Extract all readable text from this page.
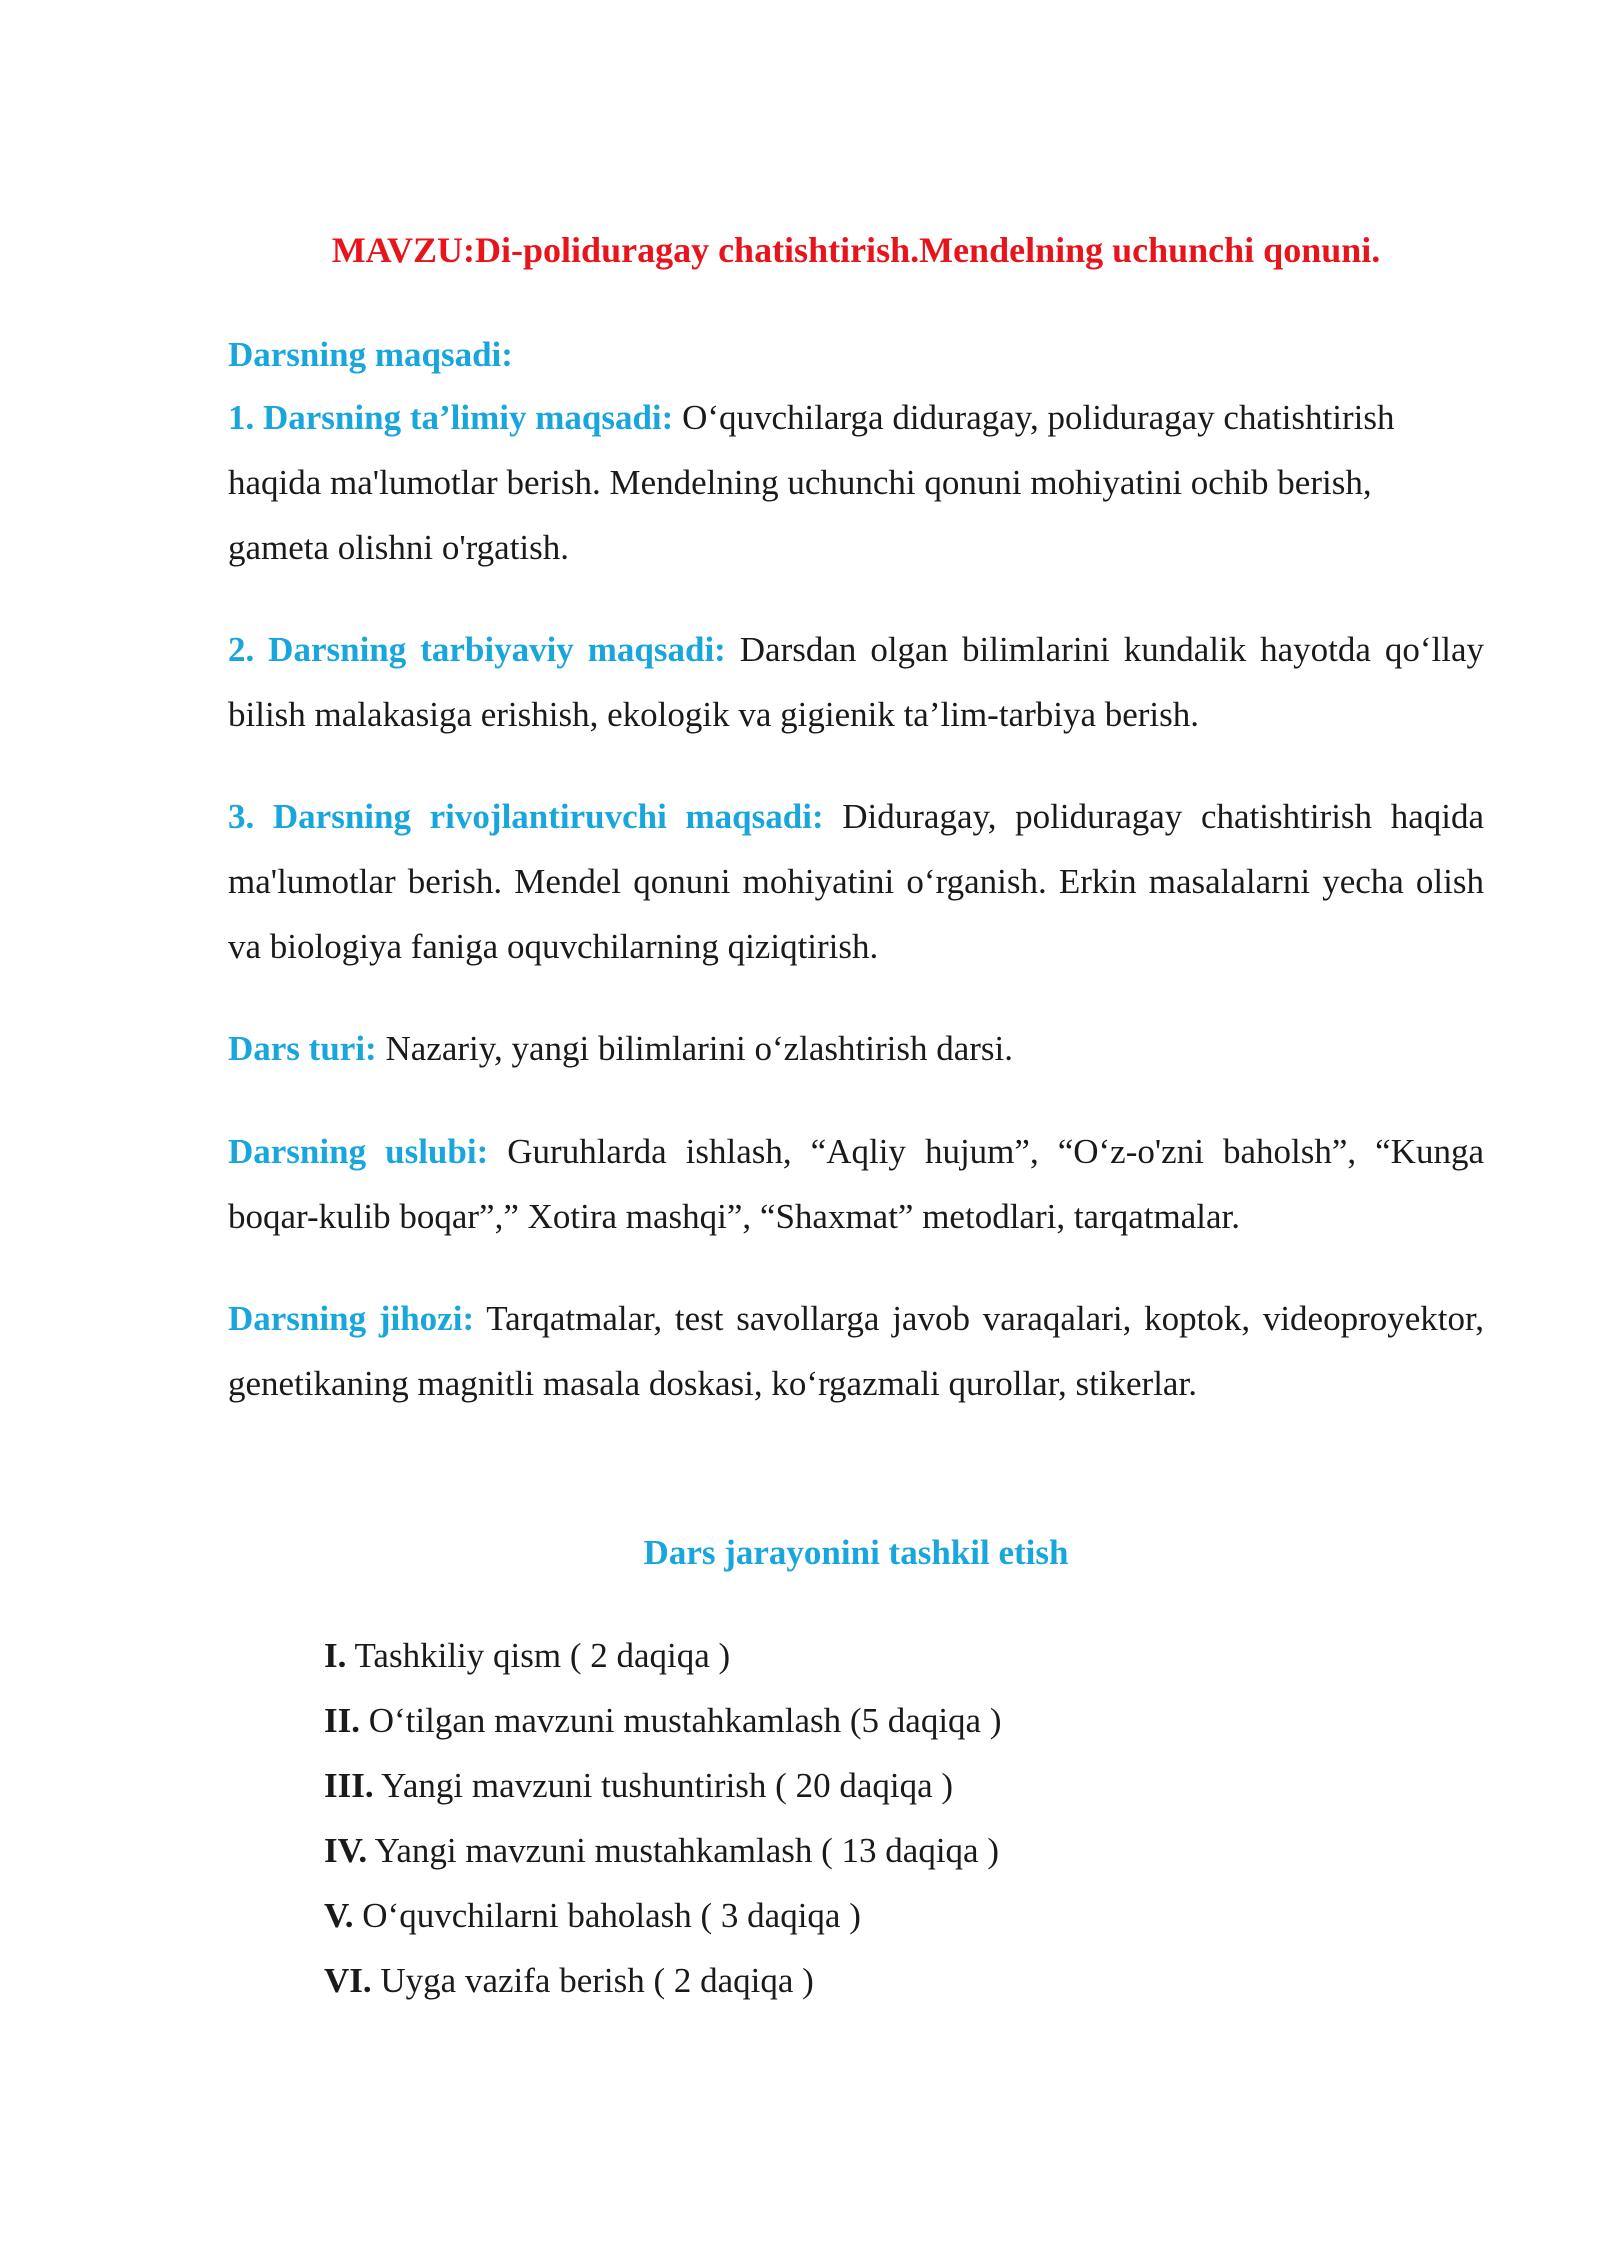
MAVZU:Di-poliduragay chatishtirish.Mendelning uchunchi qonuni.

Darsning maqsadi:

1. Darsning ta’limiy maqsadi: O‘quvchilarga diduragay, poliduragay chatishtirish haqida ma'lumotlar berish. Mendelning uchunchi qonuni mohiyatini ochib berish, gameta olishni o'rgatish.

2. Darsning tarbiyaviy maqsadi: Darsdan olgan bilimlarini kundalik hayotda qo‘llay bilish malakasiga erishish, ekologik va gigienik ta’lim-tarbiya berish.

3. Darsning rivojlantiruvchi maqsadi: Diduragay, poliduragay chatishtirish haqida ma'lumotlar berish. Mendel qonuni mohiyatini o‘rganish. Erkin masalalarni yecha olish va biologiya faniga oquvchilarning qiziqtirish.

Dars turi: Nazariy, yangi bilimlarini o‘zlashtirish darsi.

Darsning uslubi: Guruhlarda ishlash, “Aqliy hujum”, “O‘z-o'zni baholsh”, “Kunga boqar-kulib boqar”,” Xotira mashqi”, “Shaxmat” metodlari, tarqatmalar.

Darsning jihozi: Tarqatmalar, test savollarga javob varaqalari, koptok, videoproyektor, genetikaning magnitli masala doskasi, ko‘rgazmali qurollar, stikerlar.

Dars jarayonini tashkil etish
I. Tashkiliy qism ( 2 daqiqa )
II. O‘tilgan mavzuni mustahkamlash (5 daqiqa )
III. Yangi mavzuni tushuntirish ( 20 daqiqa )
IV. Yangi mavzuni mustahkamlash ( 13 daqiqa )
V. O‘quvchilarni baholash ( 3 daqiqa )
VI. Uyga vazifa berish ( 2 daqiqa )
